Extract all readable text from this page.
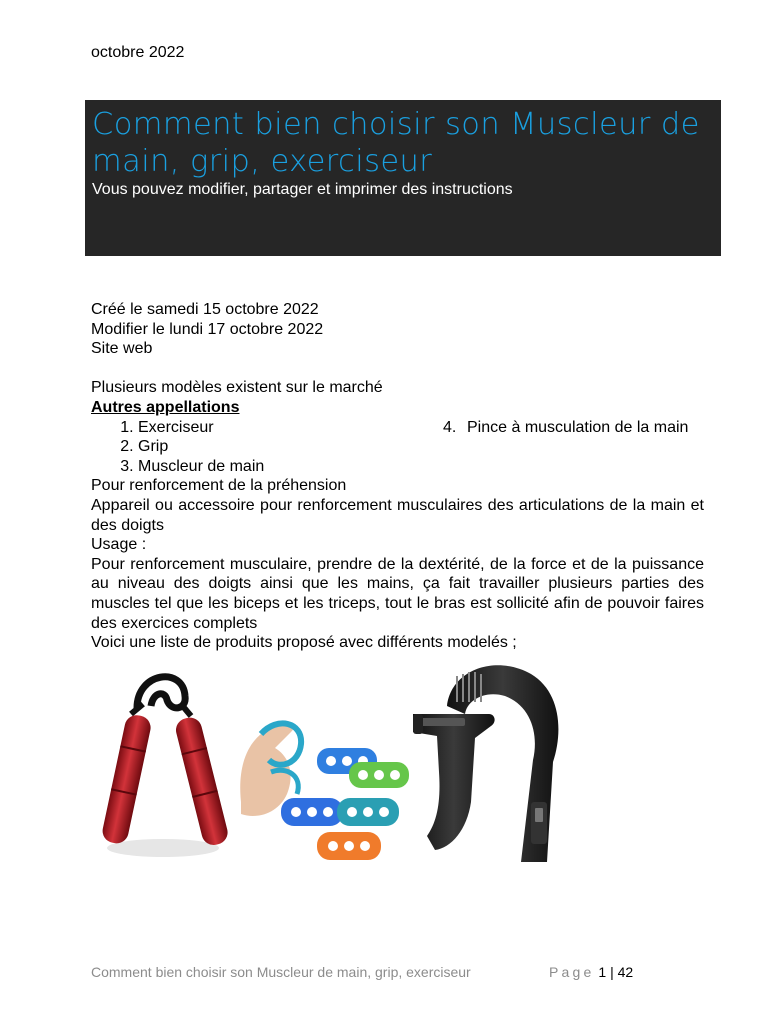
octobre 2022
Comment bien choisir son Muscleur de main, grip, exerciseur
Vous pouvez modifier, partager et imprimer des instructions

Créé le samedi 15 octobre 2022

Modifier le lundi 17 octobre 2022

Site web

Plusieurs modèles existent sur le marché

Autres appellations

1. Exerciseur
2. Grip
3. Muscleur de main
4. Pince à musculation de la main

Pour renforcement de la préhension

Appareil ou accessoire pour renforcement musculaires des articulations de la main et des doigts

Usage :

Pour renforcement musculaire, prendre de la dextérité, de la force et de la puissance au niveau des doigts ainsi que les mains, ça fait travailler plusieurs parties des muscles tel que les biceps et les triceps, tout le bras est sollicité afin de pouvoir faires des exercices complets

Voici une liste de produits proposé avec différents modelés ;

Comment bien choisir son Muscleur de main, grip, exerciseur	Page 1 | 42
